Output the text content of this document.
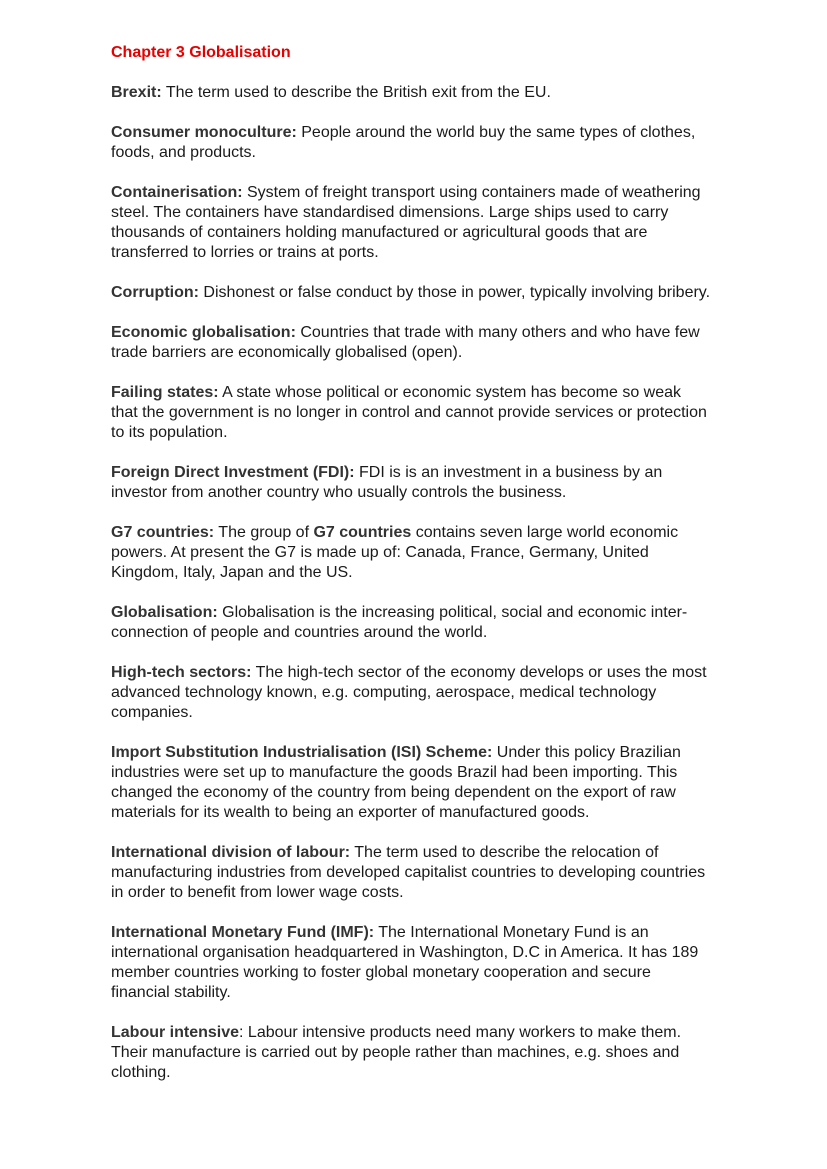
Chapter 3 Globalisation

Brexit: The term used to describe the British exit from the EU.

Consumer monoculture: People around the world buy the same types of clothes, foods, and products.

Containerisation: System of freight transport using containers made of weathering steel. The containers have standardised dimensions. Large ships used to carry thousands of containers holding manufactured or agricultural goods that are transferred to lorries or trains at ports.

Corruption: Dishonest or false conduct by those in power, typically involving bribery.

Economic globalisation: Countries that trade with many others and who have few trade barriers are economically globalised (open).

Failing states: A state whose political or economic system has become so weak that the government is no longer in control and cannot provide services or protection to its population.

Foreign Direct Investment (FDI): FDI is is an investment in a business by an investor from another country who usually controls the business.

G7 countries: The group of G7 countries contains seven large world economic powers. At present the G7 is made up of: Canada, France, Germany, United Kingdom, Italy, Japan and the US.

Globalisation: Globalisation is the increasing political, social and economic inter-connection of people and countries around the world.

High-tech sectors: The high-tech sector of the economy develops or uses the most advanced technology known, e.g. computing, aerospace, medical technology companies.

Import Substitution Industrialisation (ISI) Scheme: Under this policy Brazilian industries were set up to manufacture the goods Brazil had been importing. This changed the economy of the country from being dependent on the export of raw materials for its wealth to being an exporter of manufactured goods.

International division of labour: The term used to describe the relocation of manufacturing industries from developed capitalist countries to developing countries in order to benefit from lower wage costs.

International Monetary Fund (IMF): The International Monetary Fund is an international organisation headquartered in Washington, D.C in America. It has 189 member countries working to foster global monetary cooperation and secure financial stability.

Labour intensive: Labour intensive products need many workers to make them. Their manufacture is carried out by people rather than machines, e.g. shoes and clothing.
